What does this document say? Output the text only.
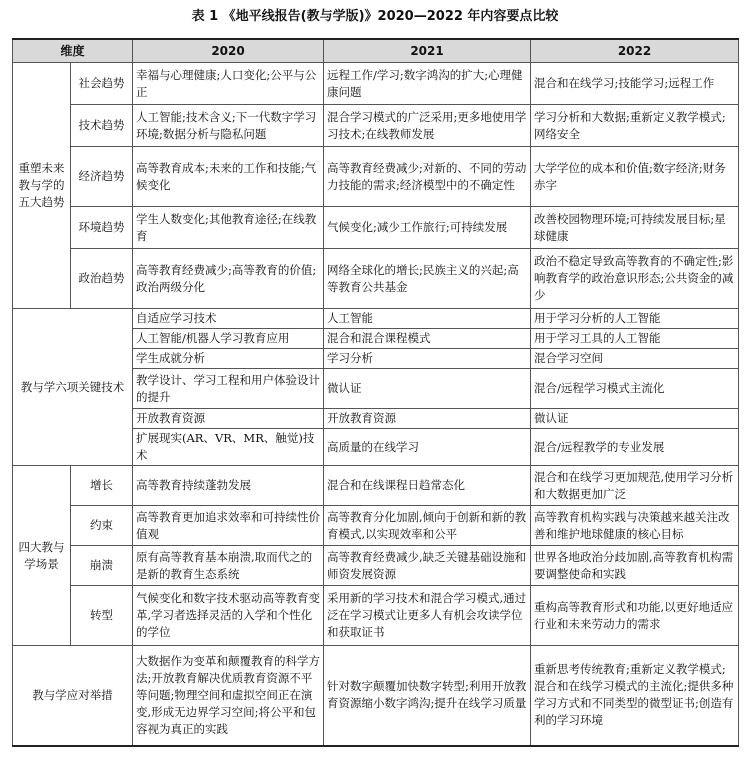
表 1 《地平线报告(教与学版)》2020—2022 年内容要点比较
维度		2020	2021	2022
重塑未来教与学的五大趋势	社会趋势	幸福与心理健康;人口变化;公平与公正	远程工作/学习;数字鸿沟的扩大;心理健康问题	混合和在线学习;技能学习;远程工作
	技术趋势	人工智能;技术含义;下一代数字学习环境;数据分析与隐私问题	混合学习模式的广泛采用;更多地使用学习技术;在线教师发展	学习分析和大数据;重新定义教学模式;网络安全
	经济趋势	高等教育成本;未来的工作和技能;气候变化	高等教育经费减少;对新的、不同的劳动力技能的需求;经济模型中的不确定性	大学学位的成本和价值;数字经济;财务赤字
	环境趋势	学生人数变化;其他教育途径;在线教育	气候变化;减少工作旅行;可持续发展	改善校园物理环境;可持续发展目标;星球健康
	政治趋势	高等教育经费减少;高等教育的价值;政治两级分化	网络全球化的增长;民族主义的兴起;高等教育公共基金	政治不稳定导致高等教育的不确定性;影响教育学的政治意识形态;公共资金的减少
教与学六项关键技术		自适应学习技术	人工智能	用于学习分析的人工智能
		人工智能/机器人学习教育应用	混合和混合课程模式	用于学习工具的人工智能
		学生成就分析	学习分析	混合学习空间
		教学设计、学习工程和用户体验设计的提升	微认证	混合/远程学习模式主流化
		开放教育资源	开放教育资源	微认证
		扩展现实(AR、VR、MR、触觉)技术	高质量的在线学习	混合/远程教学的专业发展
四大教与学场景	增长	高等教育持续蓬勃发展	混合和在线课程日趋常态化	混合和在线学习更加规范,使用学习分析和大数据更加广泛
	约束	高等教育更加追求效率和可持续性价值观	高等教育分化加剧,倾向于创新和新的教育模式,以实现效率和公平	高等教育机构实践与决策越来越关注改善和维护地球健康的核心目标
	崩溃	原有高等教育基本崩溃,取而代之的是新的教育生态系统	高等教育经费减少,缺乏关键基础设施和师资发展资源	世界各地政治分歧加剧,高等教育机构需要调整使命和实践
	转型	气候变化和数字技术驱动高等教育变革,学习者选择灵活的入学和个性化的学位	采用新的学习技术和混合学习模式,通过泛在学习模式让更多人有机会攻读学位和获取证书	重构高等教育形式和功能,以更好地适应行业和未来劳动力的需求
教与学应对举措		大数据作为变革和颠覆教育的科学方法;开放教育解决优质教育资源不平等问题;物理空间和虚拟空间正在演变,形成无边界学习空间;将公平和包容视为真正的实践	针对数字颠覆加快数字转型;利用开放教育资源缩小数字鸿沟;提升在线学习质量	重新思考传统教育;重新定义教学模式;混合和在线学习模式的主流化;提供多种学习方式和不同类型的微型证书;创造有利的学习环境
